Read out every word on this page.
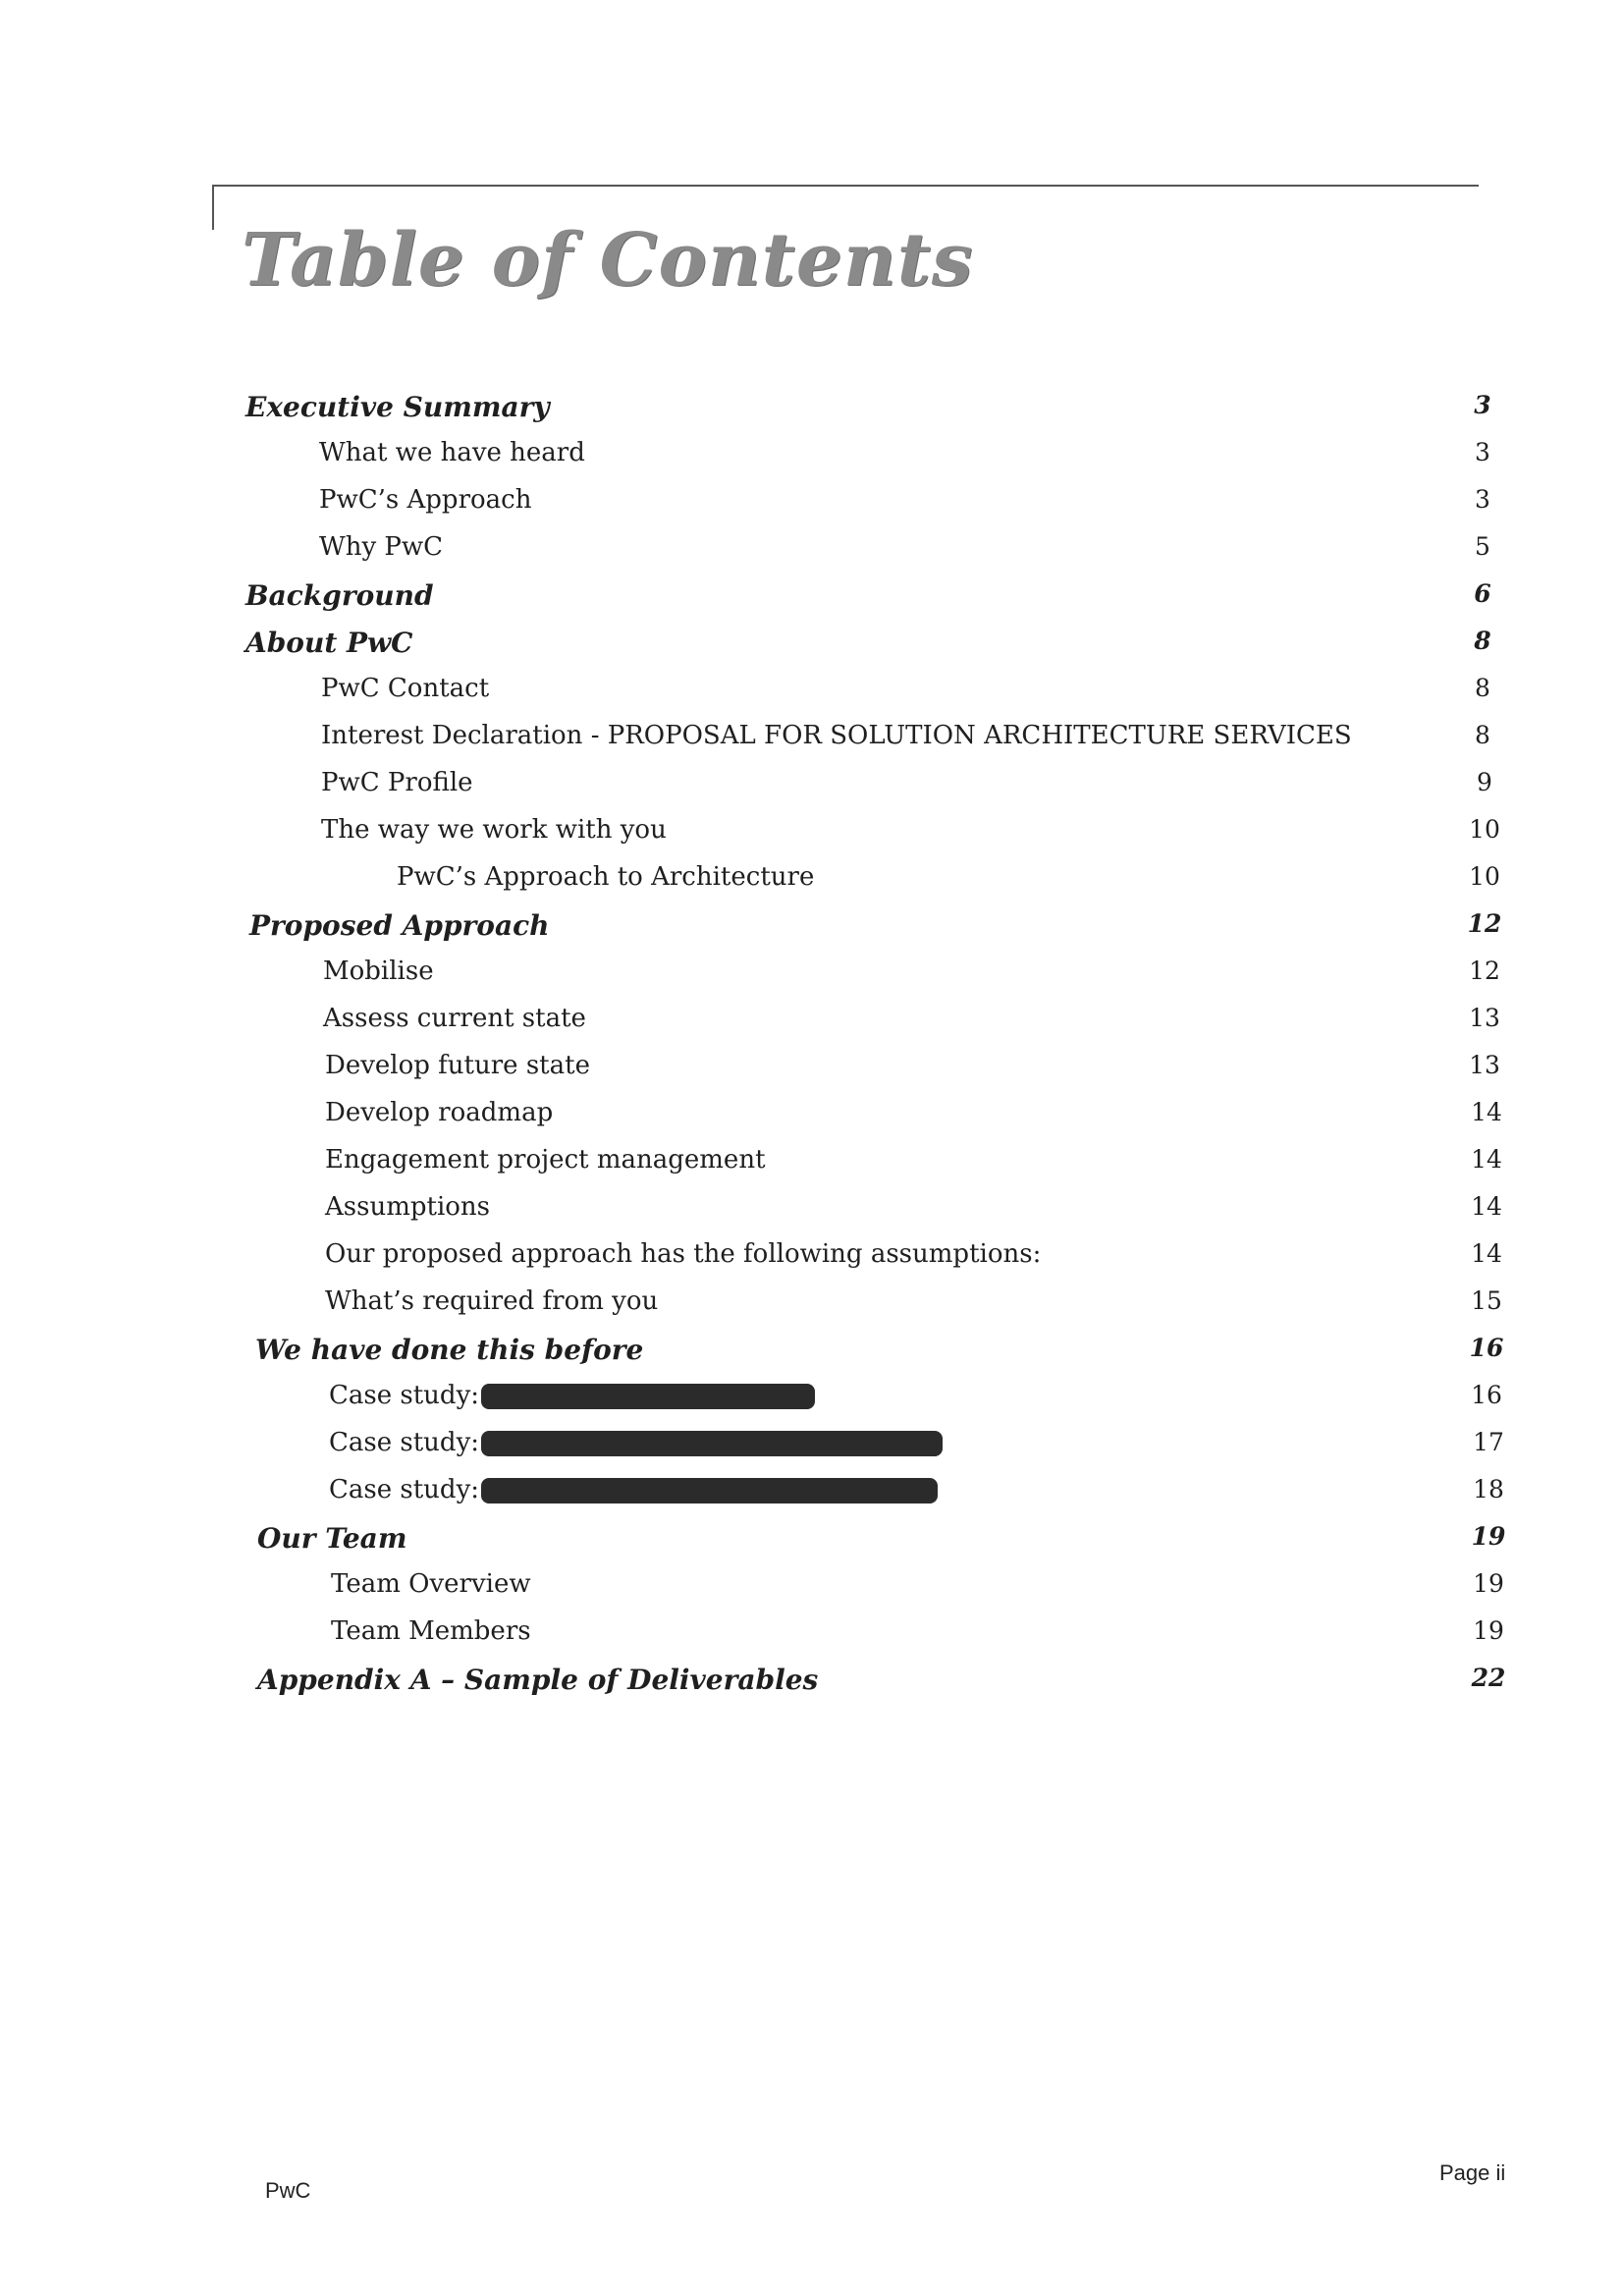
Table of Contents
Executive Summary	3
What we have heard	3
PwC’s Approach	3
Why PwC	5
Background	6
About PwC	8
PwC Contact	8
Interest Declaration - PROPOSAL FOR SOLUTION ARCHITECTURE SERVICES	8
PwC Profile	9
The way we work with you	10
PwC’s Approach to Architecture	10
Proposed Approach	12
Mobilise	12
Assess current state	13
Develop future state	13
Develop roadmap	14
Engagement project management	14
Assumptions	14
Our proposed approach has the following assumptions:	14
What’s required from you	15
We have done this before	16
Case study:	16
Case study:	17
Case study:	18
Our Team	19
Team Overview	19
Team Members	19
Appendix A – Sample of Deliverables	22
PwC
Page ii
